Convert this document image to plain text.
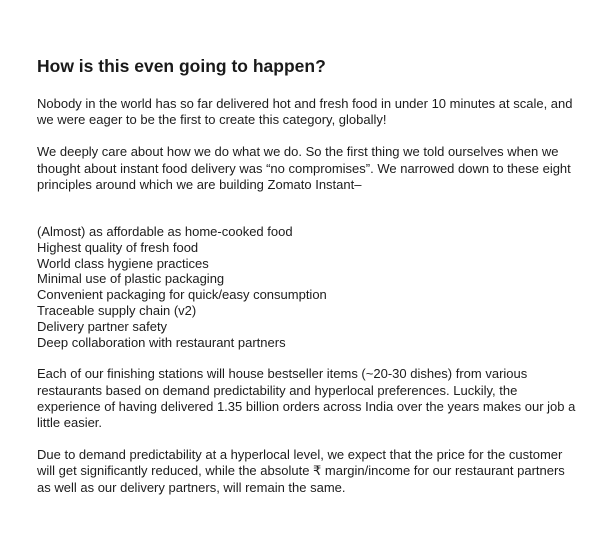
How is this even going to happen?

Nobody in the world has so far delivered hot and fresh food in under 10 minutes at scale, and we were eager to be the first to create this category, globally!

We deeply care about how we do what we do. So the first thing we told ourselves when we thought about instant food delivery was “no compromises”. We narrowed down to these eight principles around which we are building Zomato Instant–

(Almost) as affordable as home-cooked food
Highest quality of fresh food
World class hygiene practices
Minimal use of plastic packaging
Convenient packaging for quick/easy consumption
Traceable supply chain (v2)
Delivery partner safety
Deep collaboration with restaurant partners

Each of our finishing stations will house bestseller items (~20-30 dishes) from various restaurants based on demand predictability and hyperlocal preferences. Luckily, the experience of having delivered 1.35 billion orders across India over the years makes our job a little easier.

Due to demand predictability at a hyperlocal level, we expect that the price for the customer will get significantly reduced, while the absolute ₹ margin/income for our restaurant partners as well as our delivery partners, will remain the same.
